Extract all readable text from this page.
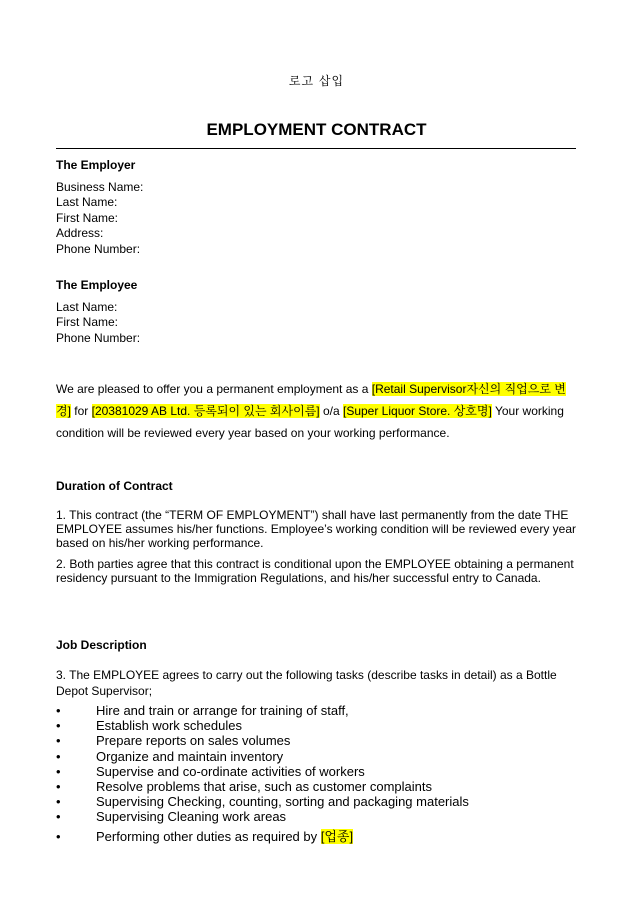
로고 삽입
EMPLOYMENT CONTRACT
The Employer
Business Name:
Last Name:
First Name:
Address:
Phone Number:
The Employee
Last Name:
First Name:
Phone Number:
We are pleased to offer you a permanent employment as a [Retail Supervisor자신의 직업으로 변경] for [20381029 AB Ltd. 등록되이 있는 회사이름] o/a [Super Liquor Store. 상호명] Your working condition will be reviewed every year based on your working performance.
Duration of Contract
1. This contract (the “TERM OF EMPLOYMENT”) shall have last permanently from the date THE EMPLOYEE assumes his/her functions. Employee’s working condition will be reviewed every year based on his/her working performance.
2. Both parties agree that this contract is conditional upon the EMPLOYEE obtaining a permanent residency pursuant to the Immigration Regulations, and his/her successful entry to Canada.
Job Description
3. The EMPLOYEE agrees to carry out the following tasks (describe tasks in detail) as a Bottle Depot Supervisor;
•	Hire and train or arrange for training of staff,
•	Establish work schedules
•	Prepare reports on sales volumes
•	Organize and maintain inventory
•	Supervise and co-ordinate activities of workers
•	Resolve problems that arise, such as customer complaints
•	Supervising Checking, counting, sorting and packaging materials
•	Supervising Cleaning work areas
•	Performing other duties as required by [업종]
